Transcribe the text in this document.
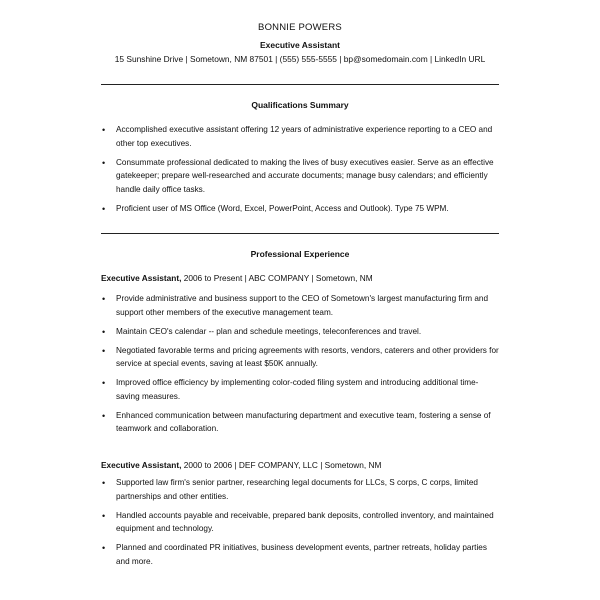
BONNIE POWERS
Executive Assistant
15 Sunshine Drive | Sometown, NM 87501 | (555) 555-5555 | bp@somedomain.com | LinkedIn URL
Qualifications Summary
• Accomplished executive assistant offering 12 years of administrative experience reporting to a CEO and other top executives.
• Consummate professional dedicated to making the lives of busy executives easier. Serve as an effective gatekeeper; prepare well-researched and accurate documents; manage busy calendars; and efficiently handle daily office tasks.
• Proficient user of MS Office (Word, Excel, PowerPoint, Access and Outlook). Type 75 WPM.
Professional Experience
Executive Assistant, 2006 to Present | ABC COMPANY | Sometown, NM
• Provide administrative and business support to the CEO of Sometown's largest manufacturing firm and support other members of the executive management team.
• Maintain CEO's calendar -- plan and schedule meetings, teleconferences and travel.
• Negotiated favorable terms and pricing agreements with resorts, vendors, caterers and other providers for service at special events, saving at least $50K annually.
• Improved office efficiency by implementing color-coded filing system and introducing additional time-saving measures.
• Enhanced communication between manufacturing department and executive team, fostering a sense of teamwork and collaboration.
Executive Assistant, 2000 to 2006 | DEF COMPANY, LLC | Sometown, NM
• Supported law firm's senior partner, researching legal documents for LLCs, S corps, C corps, limited partnerships and other entities.
• Handled accounts payable and receivable, prepared bank deposits, controlled inventory, and maintained equipment and technology.
• Planned and coordinated PR initiatives, business development events, partner retreats, holiday parties and more.
